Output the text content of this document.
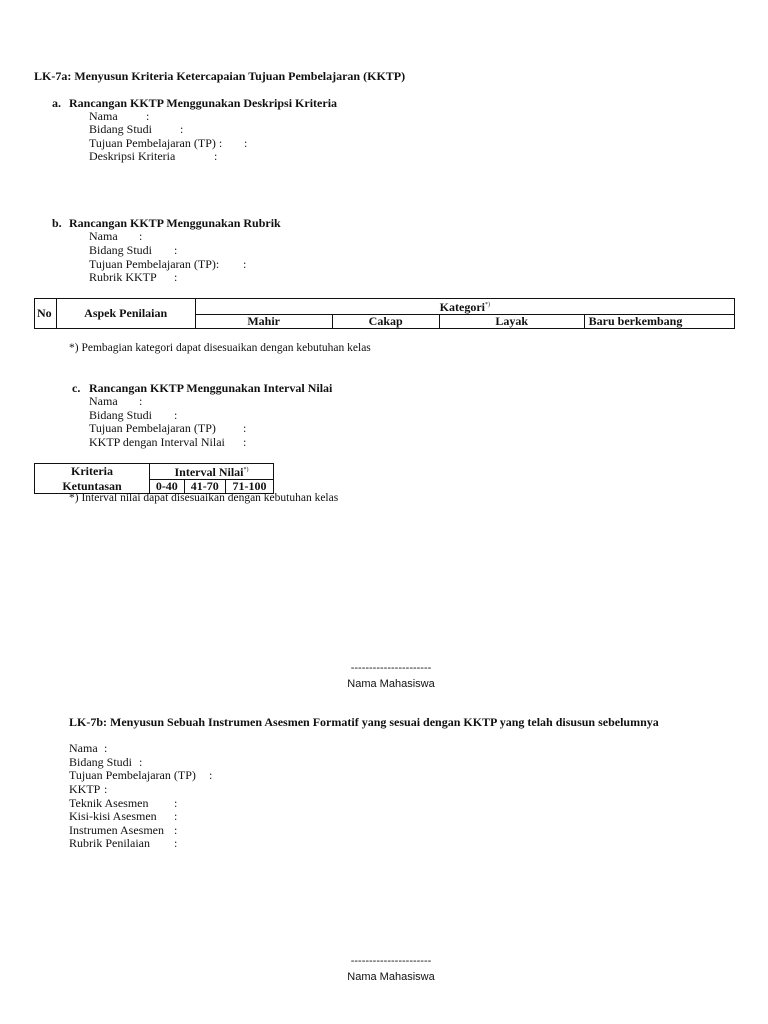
LK-7a: Menyusun Kriteria Ketercapaian Tujuan Pembelajaran (KKTP)
a. Rancangan KKTP Menggunakan Deskripsi Kriteria
Nama :
Bidang Studi :
Tujuan Pembelajaran (TP) : :
Deskripsi Kriteria	:
b. Rancangan KKTP Menggunakan Rubrik
Nama :
Bidang Studi :
Tujuan Pembelajaran (TP): :
Rubrik KKTP :
No	Aspek Penilaian	Kategori*)
		Mahir	Cakap	Layak	Baru berkembang
*) Pembagian kategori dapat disesuaikan dengan kebutuhan kelas
c. Rancangan KKTP Menggunakan Interval Nilai
Nama :
Bidang Studi :
Tujuan Pembelajaran (TP) :
KKTP dengan Interval Nilai :
Kriteria	Interval Nilai*)
Ketuntasan	0-40	41-70	71-100
*) Interval nilai dapat disesuaikan dengan kebutuhan kelas
----------------------
Nama Mahasiswa
LK-7b: Menyusun Sebuah Instrumen Asesmen Formatif yang sesuai dengan KKTP yang telah disusun sebelumnya
Nama :
Bidang Studi :
Tujuan Pembelajaran (TP) :
KKTP :
Teknik Asesmen :
Kisi-kisi Asesmen :
Instrumen Asesmen :
Rubrik Penilaian :
----------------------
Nama Mahasiswa
